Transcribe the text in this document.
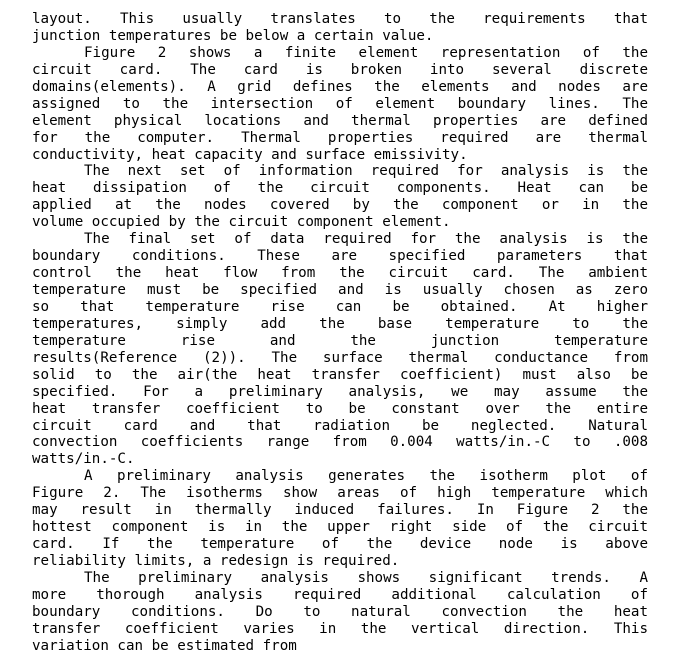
layout. This usually translates to the requirements that
junction temperatures be below a certain value.
Figure 2 shows a finite element representation of the
circuit card. The card is broken into several discrete
domains(elements). A grid defines the elements and nodes are
assigned to the intersection of element boundary lines. The
element physical locations and thermal properties are defined
for the computer. Thermal properties required are thermal
conductivity, heat capacity and surface emissivity.
The next set of information required for analysis is the
heat dissipation of the circuit components. Heat can be
applied at the nodes covered by the component or in the
volume occupied by the circuit component element.
The final set of data required for the analysis is the
boundary conditions. These are specified parameters that
control the heat flow from the circuit card. The ambient
temperature must be specified and is usually chosen as zero
so that temperature rise can be obtained. At higher
temperatures, simply add the base temperature to the
temperature rise and the junction temperature
results(Reference (2)). The surface thermal conductance from
solid to the air(the heat transfer coefficient) must also be
specified. For a preliminary analysis, we may assume the
heat transfer coefficient to be constant over the entire
circuit card and that radiation be neglected. Natural
convection coefficients range from 0.004 watts/in.-C to .008
watts/in.-C.
A preliminary analysis generates the isotherm plot of
Figure 2. The isotherms show areas of high temperature which
may result in thermally induced failures. In Figure 2 the
hottest component is in the upper right side of the circuit
card. If the temperature of the device node is above
reliability limits, a redesign is required.
The preliminary analysis shows significant trends. A
more thorough analysis required additional calculation of
boundary conditions. Do to natural convection the heat
transfer coefficient varies in the vertical direction. This
variation can be estimated from
